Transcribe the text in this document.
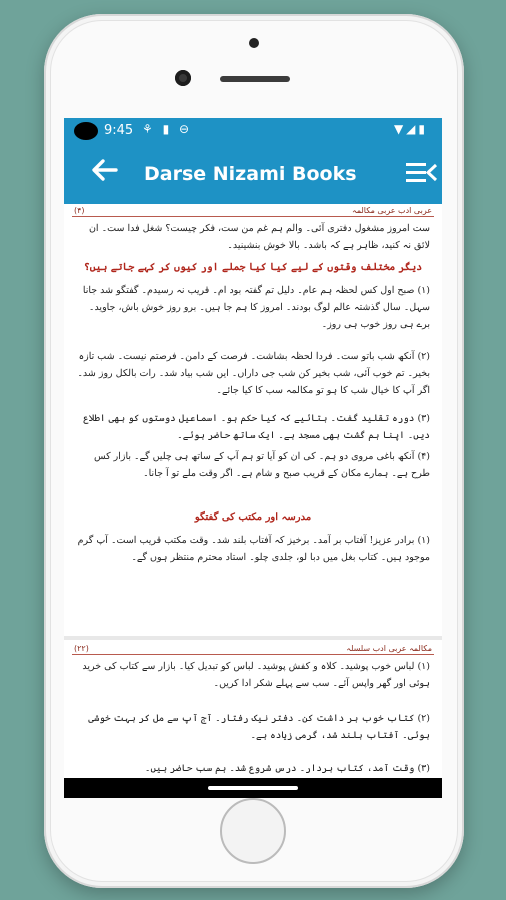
9:45 ⚘ ▮ ⊖	▼◢▮
Darse Nizami Books
(۴)	عربی ادب عربی مکالمہ
ست امروز مشغول دفتری آئی۔ والم ہم غم من ست، فکر چیست؟ شغل فدا ست۔ ان لائق نہ کنید، ظاہر ہے کہ باشد۔ بالا خوش بنشینید۔
دیگر مختلف وقتوں کے لیے کیا کیا جملے اور کیوں کر کہے جاتے ہیں؟
(۱) صبح اول کس لحظہ ہم عام۔ دلیل تم گفتہ بود ام۔ قریب نہ رسیدم۔ گفتگو شد جانا سہل۔ سال گذشتہ عالم لوگ بودند۔ امروز کا ہم جا ہیں۔ برو روز خوش باش، جاوید۔ برے ہی روز خوب ہی روز۔
(۲) آنکھ شب باتو ست۔ فردا لحظہ بشاشت۔ فرصت کے دامن۔ فرصتم نیست۔ شب تازہ بخیر۔ تم خوب آئی، شب بخیر کن شب جی داراں۔ ایں شب بیاد شد۔ رات بالکل روز شد۔ اگر آپ کا خیال شب کا ہو تو مکالمہ سب کا کیا جائے۔
(۳) دورہ تقلید گفت۔ بتائیے کہ کیا حکم ہو۔ اسماعیل دوستوں کو بھی اطلاع دیں۔ اپنا ہم گشت بھی مسجد ہے۔ ایک ساتھ حاضر ہوئے۔
(۴) آنکھ باغی مروی دو ہم۔ کی ان کو آیا تو ہم آپ کے ساتھ ہی چلیں گے۔ بازار کس طرح ہے۔ ہمارے مکان کے قریب صبح و شام ہے۔ اگر وقت ملے تو آ جانا۔
مدرسہ اور مکتب کی گفتگو
(۱) برادر عزیز! آفتاب بر آمد۔ برخیز کہ آفتاب بلند شد۔ وقت مکتب قریب است۔ آپ گرم موجود ہیں۔ کتاب بغل میں دبا لو، جلدی چلو۔ استاد محترم منتظر ہوں گے۔
(۲۲)	مکالمہ عربی ادب سلسلہ
(۱) لباس خوب پوشید۔ کلاہ و کفش پوشید۔ لباس کو تبدیل کیا۔ بازار سے کتاب کی خرید ہوئی اور گھر واپس آئے۔ سب سے پہلے شکر ادا کریں۔
(۲) کتاب خوب بر داشت کن۔ دفتر نیک رفتار۔ آج آپ سے مل کر بہت خوشی ہوئی۔ آفتاب بلند شد، گرمی زیادہ ہے۔
(۳) وقت آمد، کتاب بردار۔ درس شروع شد۔ ہم سب حاضر ہیں۔
